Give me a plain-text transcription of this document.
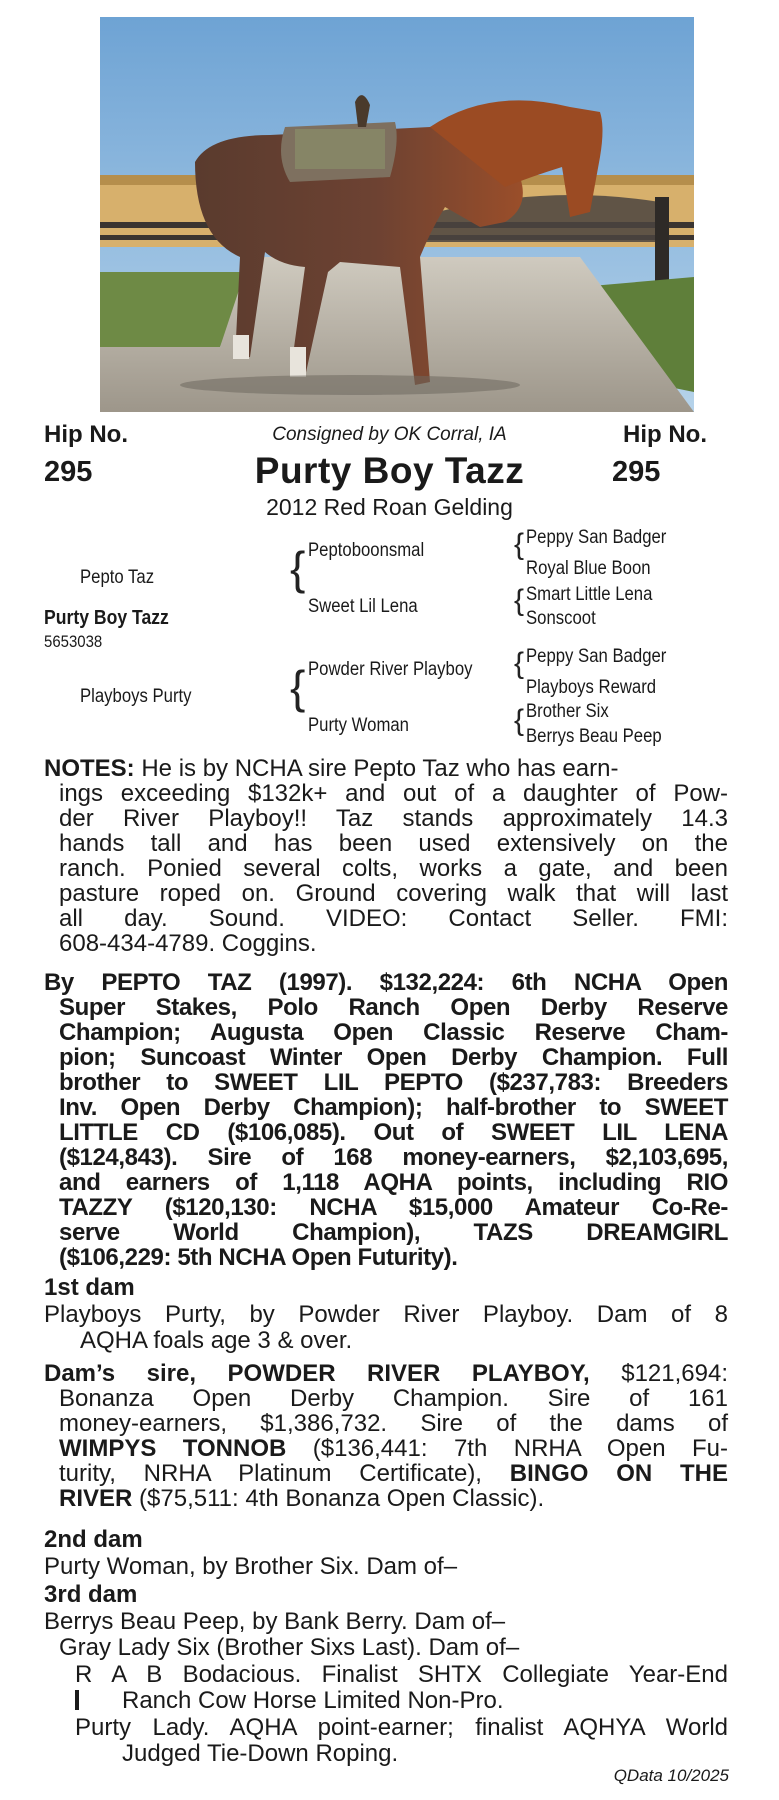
Hip No.
295
Hip No.
295
Consigned by OK Corral, IA
Purty Boy Tazz
2012 Red Roan Gelding
Pepto Taz
Purty Boy Tazz
5653038
Playboys Purty
{
{
Peptoboonsmal
Sweet Lil Lena
Powder River Playboy
Purty Woman
{
{
{
{
Peppy San Badger
Royal Blue Boon
Smart Little Lena
Sonscoot
Peppy San Badger
Playboys Reward
Brother Six
Berrys Beau Peep
NOTES: He is by NCHA sire Pepto Taz who has earn-
ings exceeding $132k+ and out of a daughter of Pow-
der River Playboy!! Taz stands approximately 14.3
hands tall and has been used extensively on the
ranch. Ponied several colts, works a gate, and been
pasture roped on. Ground covering walk that will last
all day. Sound. VIDEO: Contact Seller. FMI:
608-434-4789. Coggins.
By PEPTO TAZ (1997). $132,224: 6th NCHA Open
Super Stakes, Polo Ranch Open Derby Reserve
Champion; Augusta Open Classic Reserve Cham-
pion; Suncoast Winter Open Derby Champion. Full
brother to SWEET LIL PEPTO ($237,783: Breeders
Inv. Open Derby Champion); half-brother to SWEET
LITTLE CD ($106,085). Out of SWEET LIL LENA
($124,843). Sire of 168 money-earners, $2,103,695,
and earners of 1,118 AQHA points, including RIO
TAZZY ($120,130: NCHA $15,000 Amateur Co-Re-
serve World Champion), TAZS DREAMGIRL
($106,229: 5th NCHA Open Futurity).
1st dam
Playboys Purty, by Powder River Playboy. Dam of 8
AQHA foals age 3 & over.
Dam’s sire, POWDER RIVER PLAYBOY, $121,694:
Bonanza Open Derby Champion. Sire of 161
money-earners, $1,386,732. Sire of the dams of
WIMPYS TONNOB ($136,441: 7th NRHA Open Fu-
turity, NRHA Platinum Certificate), BINGO ON THE
RIVER ($75,511: 4th Bonanza Open Classic).
2nd dam
Purty Woman, by Brother Six. Dam of–
3rd dam
Berrys Beau Peep, by Bank Berry. Dam of–
Gray Lady Six (Brother Sixs Last). Dam of–
R A B Bodacious. Finalist SHTX Collegiate Year-End
Ranch Cow Horse Limited Non-Pro.
Purty Lady. AQHA point-earner; finalist AQHYA World
Judged Tie-Down Roping.
QData 10/2025
